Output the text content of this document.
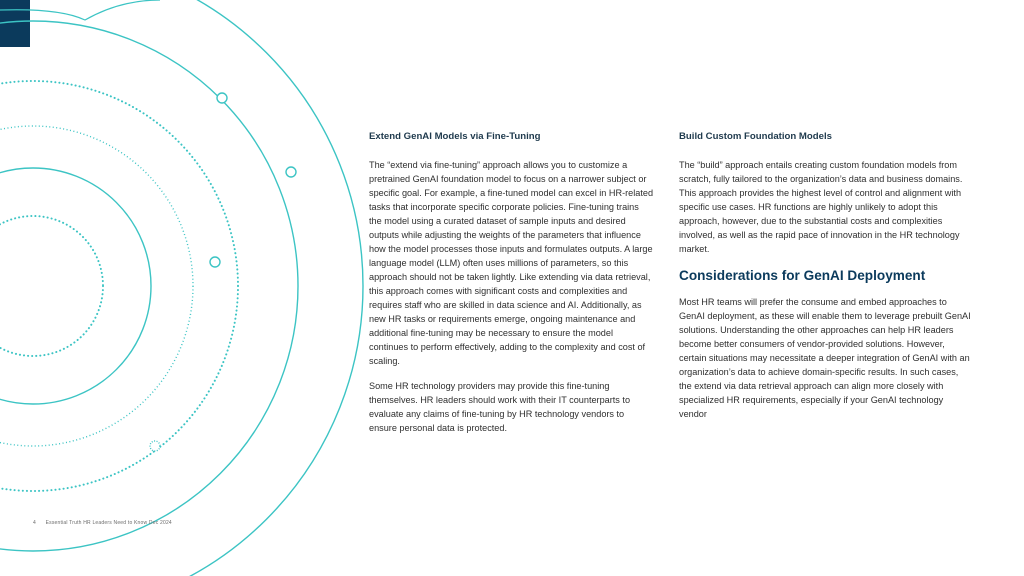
Extend GenAI Models via Fine-Tuning

The “extend via fine-tuning” approach allows you to customize a pretrained GenAI foundation model to focus on a narrower subject or specific goal. For example, a fine-tuned model can excel in HR-related tasks that incorporate specific corporate policies. Fine-tuning trains the model using a curated dataset of sample inputs and desired outputs while adjusting the weights of the parameters that influence how the model processes those inputs and formulates outputs. A large language model (LLM) often uses millions of parameters, so this approach should not be taken lightly. Like extending via data retrieval, this approach comes with significant costs and complexities and requires staff who are skilled in data science and AI. Additionally, as new HR tasks or requirements emerge, ongoing maintenance and additional fine-tuning may be necessary to ensure the model continues to perform effectively, adding to the complexity and cost of scaling.

Some HR technology providers may provide this fine-tuning themselves. HR leaders should work with their IT counterparts to evaluate any claims of fine-tuning by HR technology vendors to ensure personal data is protected.

Build Custom Foundation Models

The “build” approach entails creating custom foundation models from scratch, fully tailored to the organization’s data and business domains. This approach provides the highest level of control and alignment with specific use cases. HR functions are highly unlikely to adopt this approach, however, due to the substantial costs and complexities involved, as well as the rapid pace of innovation in the HR technology market.

Considerations for GenAI Deployment

Most HR teams will prefer the consume and embed approaches to GenAI deployment, as these will enable them to leverage prebuilt GenAI solutions. Understanding the other approaches can help HR leaders become better consumers of vendor-provided solutions. However, certain situations may necessitate a deeper integration of GenAI with an organization’s data to achieve domain-specific results. In such cases, the extend via data retrieval approach can align more closely with specialized HR requirements, especially if your GenAI technology vendor

4 Essential Truth HR Leaders Need to Know Dec 2024
